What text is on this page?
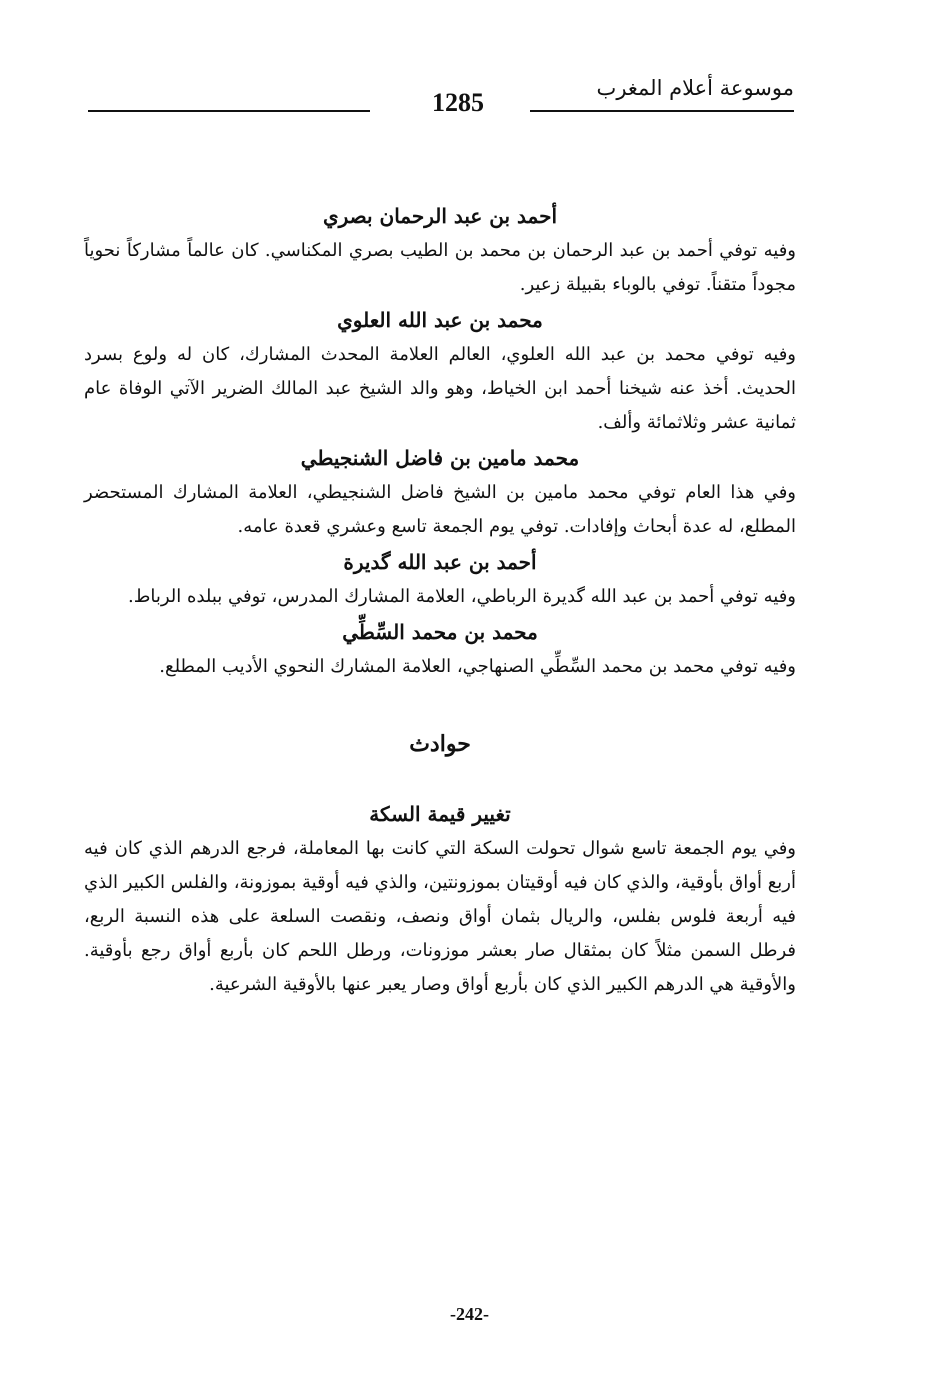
موسوعة أعلام المغرب
1285

أحمد بن عبد الرحمان بصري

وفيه توفي أحمد بن عبد الرحمان بن محمد بن الطيب بصري المكناسي. كان عالماً مشاركاً نحوياً مجوداً متقناً. توفي بالوباء بقبيلة زعير.

محمد بن عبد الله العلوي

وفيه توفي محمد بن عبد الله العلوي، العالم العلامة المحدث المشارك، كان له ولوع بسرد الحديث. أخذ عنه شيخنا أحمد ابن الخياط، وهو والد الشيخ عبد المالك الضرير الآتي الوفاة عام ثمانية عشر وثلاثمائة وألف.

محمد مامين بن فاضل الشنجيطي

وفي هذا العام توفي محمد مامين بن الشيخ فاضل الشنجيطي، العلامة المشارك المستحضر المطلع، له عدة أبحاث وإفادات. توفي يوم الجمعة تاسع وعشري قعدة عامه.

أحمد بن عبد الله گديرة

وفيه توفي أحمد بن عبد الله گديرة الرباطي، العلامة المشارك المدرس، توفي ببلده الرباط.

محمد بن محمد السِّطِّي

وفيه توفي محمد بن محمد السِّطِّي الصنهاجي، العلامة المشارك النحوي الأديب المطلع.

حوادث

تغيير قيمة السكة

وفي يوم الجمعة تاسع شوال تحولت السكة التي كانت بها المعاملة، فرجع الدرهم الذي كان فيه أربع أواق بأوقية، والذي كان فيه أوقيتان بموزونتين، والذي فيه أوقية بموزونة، والفلس الكبير الذي فيه أربعة فلوس بفلس، والريال بثمان أواق ونصف، ونقصت السلعة على هذه النسبة الربع، فرطل السمن مثلاً كان بمثقال صار بعشر موزونات، ورطل اللحم كان بأربع أواق رجع بأوقية. والأوقية هي الدرهم الكبير الذي كان بأربع أواق وصار يعبر عنها بالأوقية الشرعية.

-242-
